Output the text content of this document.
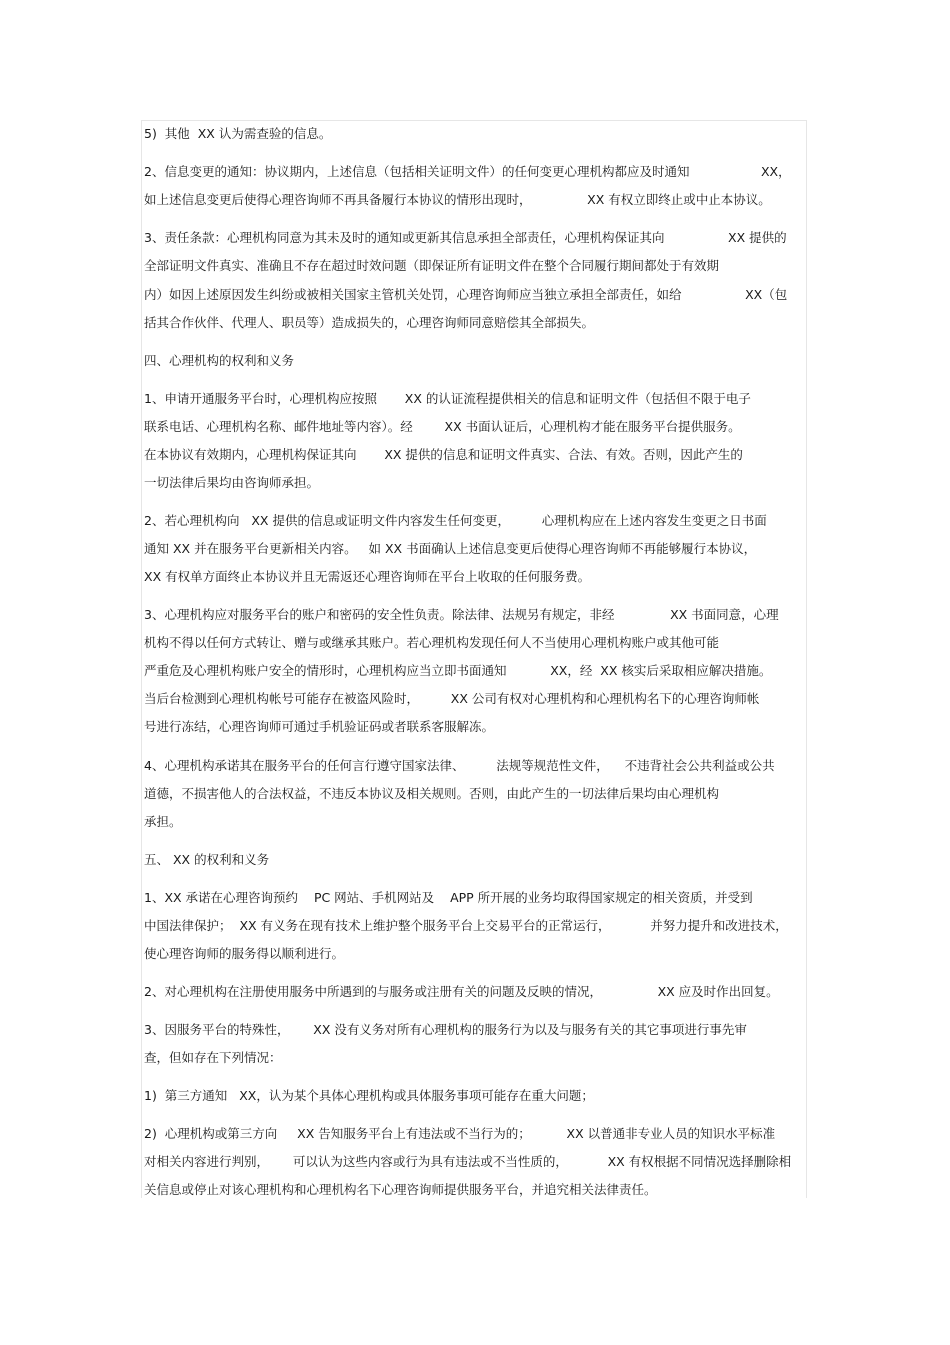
5)  其他  XX 认为需查验的信息。
2、信息变更的通知：协议期内，上述信息（包括相关证明文件）的任何变更心理机构都应及时通知                  XX，
如上述信息变更后使得心理咨询师不再具备履行本协议的情形出现时，              XX 有权立即终止或中止本协议。
3、责任条款：心理机构同意为其未及时的通知或更新其信息承担全部责任，心理机构保证其向                XX 提供的
全部证明文件真实、准确且不存在超过时效问题（即保证所有证明文件在整个合同履行期间都处于有效期
内）如因上述原因发生纠纷或被相关国家主管机关处罚，心理咨询师应当独立承担全部责任，如给                XX（包
括其合作伙伴、代理人、职员等）造成损失的，心理咨询师同意赔偿其全部损失。
四、心理机构的权利和义务
1、申请开通服务平台时，心理机构应按照       XX 的认证流程提供相关的信息和证明文件（包括但不限于电子
联系电话、心理机构名称、邮件地址等内容）。经        XX 书面认证后，心理机构才能在服务平台提供服务。
在本协议有效期内，心理机构保证其向       XX 提供的信息和证明文件真实、合法、有效。否则，因此产生的
一切法律后果均由咨询师承担。
2、若心理机构向   XX 提供的信息或证明文件内容发生任何变更，        心理机构应在上述内容发生变更之日书面
通知 XX 并在服务平台更新相关内容。   如 XX 书面确认上述信息变更后使得心理咨询师不再能够履行本协议，
XX 有权单方面终止本协议并且无需返还心理咨询师在平台上收取的任何服务费。
3、心理机构应对服务平台的账户和密码的安全性负责。除法律、法规另有规定，非经              XX 书面同意，心理
机构不得以任何方式转让、赠与或继承其账户。若心理机构发现任何人不当使用心理机构账户或其他可能
严重危及心理机构账户安全的情形时，心理机构应当立即书面通知           XX，经  XX 核实后采取相应解决措施。
当后台检测到心理机构帐号可能存在被盗风险时，        XX 公司有权对心理机构和心理机构名下的心理咨询师帐
号进行冻结，心理咨询师可通过手机验证码或者联系客服解冻。
4、心理机构承诺其在服务平台的任何言行遵守国家法律、        法规等规范性文件，    不违背社会公共利益或公共
道德，不损害他人的合法权益，不违反本协议及相关规则。否则，由此产生的一切法律后果均由心理机构
承担。
五、 XX 的权利和义务
1、XX 承诺在心理咨询预约    PC 网站、手机网站及    APP 所开展的业务均取得国家规定的相关资质，并受到
中国法律保护；  XX 有义务在现有技术上维护整个服务平台上交易平台的正常运行，          并努力提升和改进技术，
使心理咨询师的服务得以顺利进行。
2、对心理机构在注册使用服务中所遇到的与服务或注册有关的问题及反映的情况，              XX 应及时作出回复。
3、因服务平台的特殊性，      XX 没有义务对所有心理机构的服务行为以及与服务有关的其它事项进行事先审
查，但如存在下列情况：
1)  第三方通知   XX，认为某个具体心理机构或具体服务事项可能存在重大问题；
2)  心理机构或第三方向     XX 告知服务平台上有违法或不当行为的；         XX 以普通非专业人员的知识水平标准
对相关内容进行判别，      可以认为这些内容或行为具有违法或不当性质的，          XX 有权根据不同情况选择删除相
关信息或停止对该心理机构和心理机构名下心理咨询师提供服务平台，并追究相关法律责任。
